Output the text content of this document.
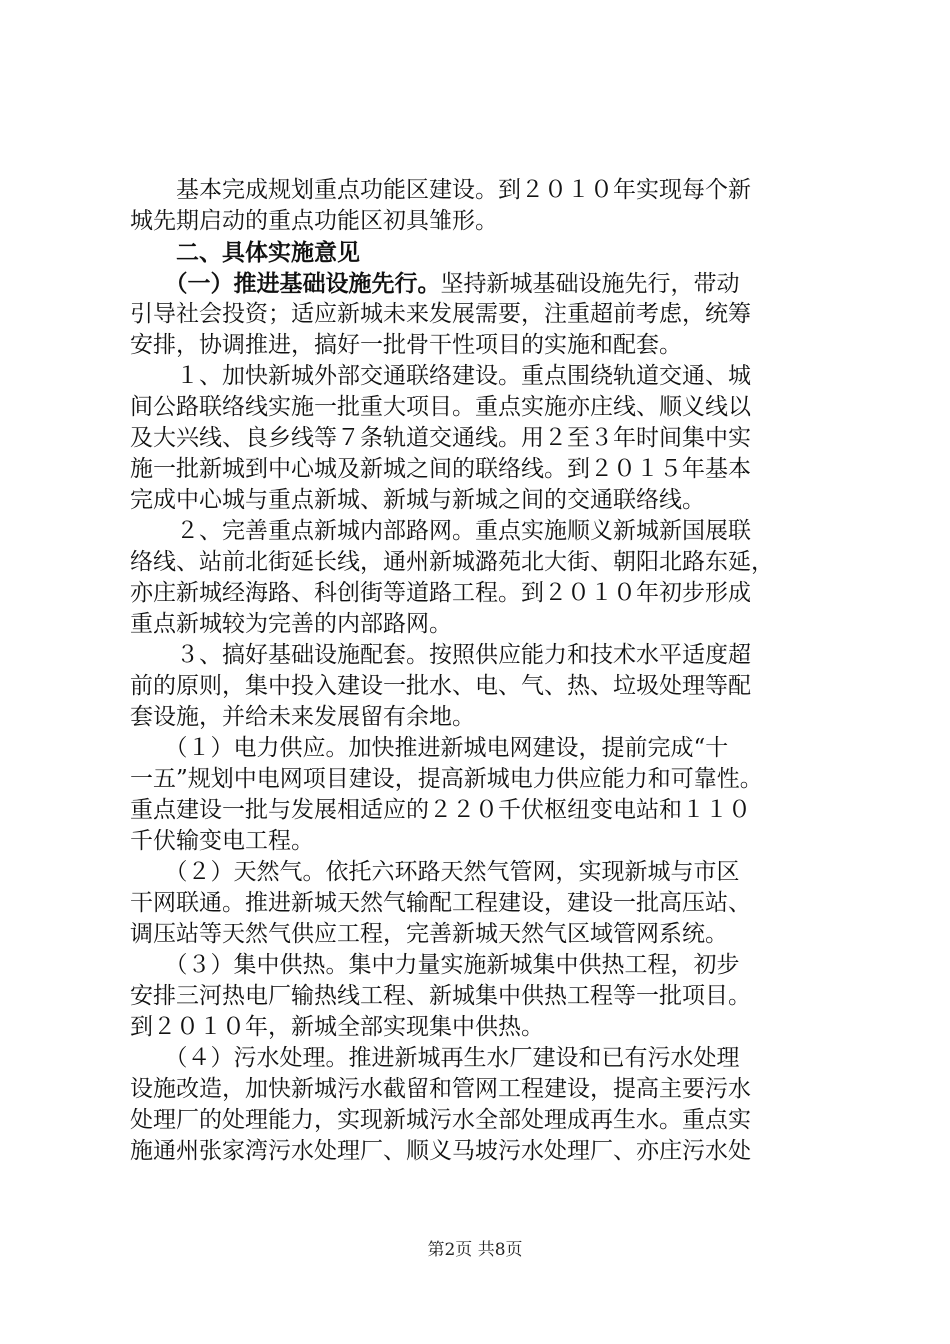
　　基本完成规划重点功能区建设。到２０１０年实现每个新
城先期启动的重点功能区初具雏形。
　　二、具体实施意见
　　（一）推进基础设施先行。坚持新城基础设施先行，带动
引导社会投资；适应新城未来发展需要，注重超前考虑，统筹
安排，协调推进，搞好一批骨干性项目的实施和配套。
　　１、加快新城外部交通联络建设。重点围绕轨道交通、城
间公路联络线实施一批重大项目。重点实施亦庄线、顺义线以
及大兴线、良乡线等７条轨道交通线。用２至３年时间集中实
施一批新城到中心城及新城之间的联络线。到２０１５年基本
完成中心城与重点新城、新城与新城之间的交通联络线。
　　２、完善重点新城内部路网。重点实施顺义新城新国展联
络线、站前北街延长线，通州新城潞苑北大街、朝阳北路东延，
亦庄新城经海路、科创街等道路工程。到２０１０年初步形成
重点新城较为完善的内部路网。
　　３、搞好基础设施配套。按照供应能力和技术水平适度超
前的原则，集中投入建设一批水、电、气、热、垃圾处理等配
套设施，并给未来发展留有余地。
　　（１）电力供应。加快推进新城电网建设，提前完成“十
一五”规划中电网项目建设，提高新城电力供应能力和可靠性。
重点建设一批与发展相适应的２２０千伏枢纽变电站和１１０
千伏输变电工程。
　　（２）天然气。依托六环路天然气管网，实现新城与市区
干网联通。推进新城天然气输配工程建设，建设一批高压站、
调压站等天然气供应工程，完善新城天然气区域管网系统。
　　（３）集中供热。集中力量实施新城集中供热工程，初步
安排三河热电厂输热线工程、新城集中供热工程等一批项目。
到２０１０年，新城全部实现集中供热。
　　（４）污水处理。推进新城再生水厂建设和已有污水处理
设施改造，加快新城污水截留和管网工程建设，提高主要污水
处理厂的处理能力，实现新城污水全部处理成再生水。重点实
施通州张家湾污水处理厂、顺义马坡污水处理厂、亦庄污水处
第2页 共8页
